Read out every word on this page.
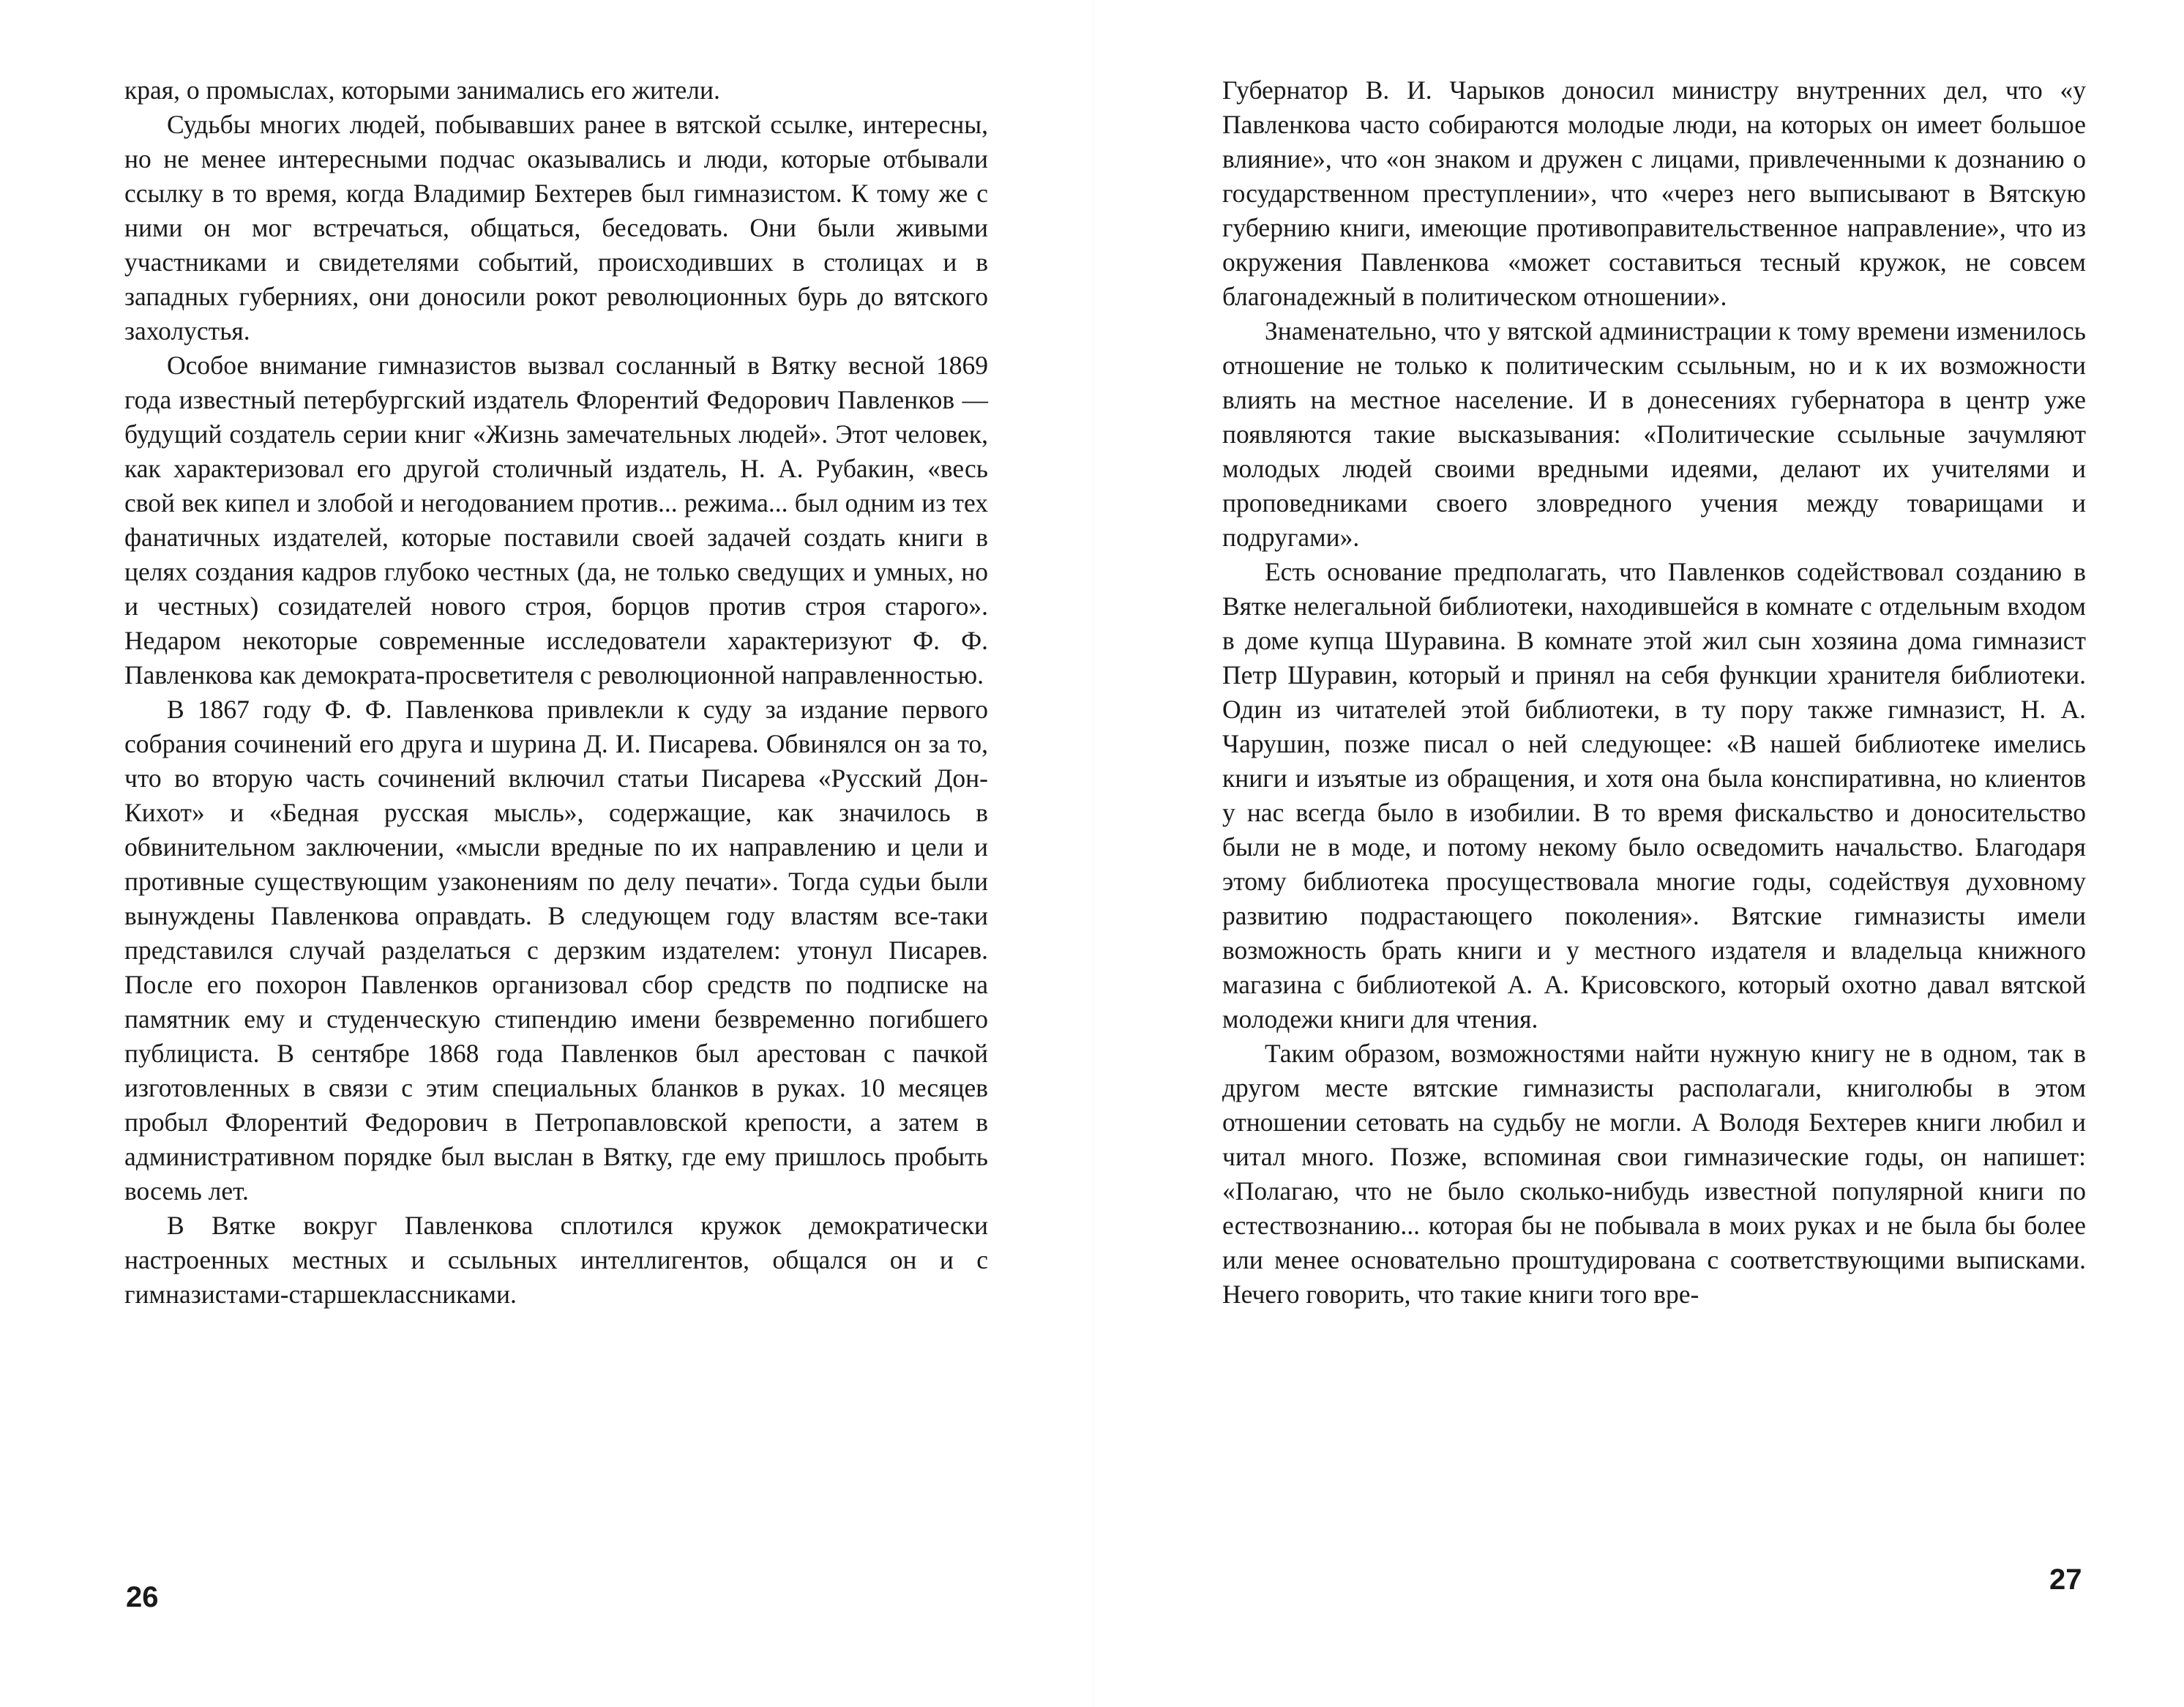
края, о промыслах, которыми занимались его жители.

Судьбы многих людей, побывавших ранее в вятской ссылке, интересны, но не менее интересными подчас оказывались и люди, которые отбывали ссылку в то время, когда Владимир Бехтерев был гимназистом. К тому же с ними он мог встречаться, общаться, беседовать. Они были живыми участниками и свидетелями событий, происходивших в столицах и в западных губерниях, они доносили рокот революционных бурь до вятского захолустья.

Особое внимание гимназистов вызвал сосланный в Вятку весной 1869 года известный петербургский издатель Флорентий Федорович Павленков — будущий создатель серии книг «Жизнь замечательных людей». Этот человек, как характеризовал его другой столичный издатель, Н. А. Рубакин, «весь свой век кипел и злобой и негодованием против... режима... был одним из тех фанатичных издателей, которые поставили своей задачей создать книги в целях создания кадров глубоко честных (да, не только сведущих и умных, но и честных) созидателей нового строя, борцов против строя старого». Недаром некоторые современные исследователи характеризуют Ф. Ф. Павленкова как демократа-просветителя с революционной направленностью.

В 1867 году Ф. Ф. Павленкова привлекли к суду за издание первого собрания сочинений его друга и шурина Д. И. Писарева. Обвинялся он за то, что во вторую часть сочинений включил статьи Писарева «Русский Дон-Кихот» и «Бедная русская мысль», содержащие, как значилось в обвинительном заключении, «мысли вредные по их направлению и цели и противные существующим узаконениям по делу печати». Тогда судьи были вынуждены Павленкова оправдать. В следующем году властям все-таки представился случай разделаться с дерзким издателем: утонул Писарев. После его похорон Павленков организовал сбор средств по подписке на памятник ему и студенческую стипендию имени безвременно погибшего публициста. В сентябре 1868 года Павленков был арестован с пачкой изготовленных в связи с этим специальных бланков в руках. 10 месяцев пробыл Флорентий Федорович в Петропавловской крепости, а затем в административном порядке был выслан в Вятку, где ему пришлось пробыть восемь лет.

В Вятке вокруг Павленкова сплотился кружок демократически настроенных местных и ссыльных интеллигентов, общался он и с гимназистами-старшеклассниками.

26

Губернатор В. И. Чарыков доносил министру внутренних дел, что «у Павленкова часто собираются молодые люди, на которых он имеет большое влияние», что «он знаком и дружен с лицами, привлеченными к дознанию о государственном преступлении», что «через него выписывают в Вятскую губернию книги, имеющие противоправительственное направление», что из окружения Павленкова «может составиться тесный кружок, не совсем благонадежный в политическом отношении».

Знаменательно, что у вятской администрации к тому времени изменилось отношение не только к политическим ссыльным, но и к их возможности влиять на местное население. И в донесениях губернатора в центр уже появляются такие высказывания: «Политические ссыльные зачумляют молодых людей своими вредными идеями, делают их учителями и проповедниками своего зловредного учения между товарищами и подругами».

Есть основание предполагать, что Павленков содействовал созданию в Вятке нелегальной библиотеки, находившейся в комнате с отдельным входом в доме купца Шуравина. В комнате этой жил сын хозяина дома гимназист Петр Шуравин, который и принял на себя функции хранителя библиотеки. Один из читателей этой библиотеки, в ту пору также гимназист, Н. А. Чарушин, позже писал о ней следующее: «В нашей библиотеке имелись книги и изъятые из обращения, и хотя она была конспиративна, но клиентов у нас всегда было в изобилии. В то время фискальство и доносительство были не в моде, и потому некому было осведомить начальство. Благодаря этому библиотека просуществовала многие годы, содействуя духовному развитию подрастающего поколения». Вятские гимназисты имели возможность брать книги и у местного издателя и владельца книжного магазина с библиотекой А. А. Крисовского, который охотно давал вятской молодежи книги для чтения.

Таким образом, возможностями найти нужную книгу не в одном, так в другом месте вятские гимназисты располагали, книголюбы в этом отношении сетовать на судьбу не могли. А Володя Бехтерев книги любил и читал много. Позже, вспоминая свои гимназические годы, он напишет: «Полагаю, что не было сколько-нибудь известной популярной книги по естествознанию... которая бы не побывала в моих руках и не была бы более или менее основательно проштудирована с соответствующими выписками. Нечего говорить, что такие книги того вре-

27
